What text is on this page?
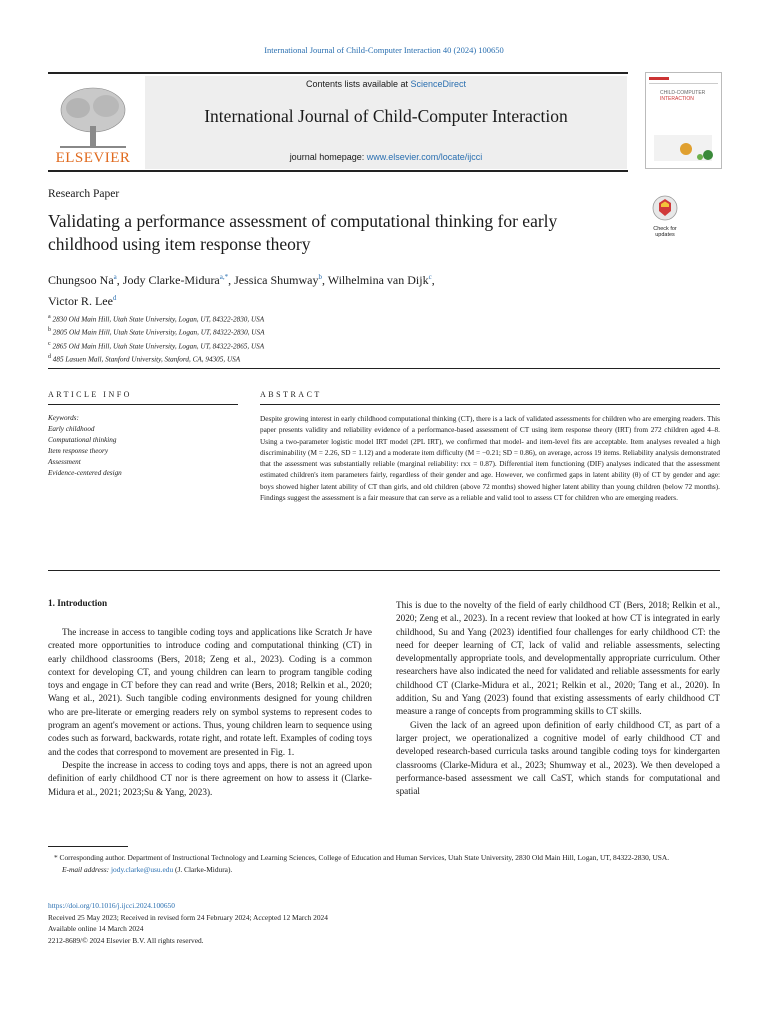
International Journal of Child-Computer Interaction 40 (2024) 100650
ELSEVIER
Contents lists available at ScienceDirect
International Journal of Child-Computer Interaction
journal homepage: www.elsevier.com/locate/ijcci
CHILD-COMPUTER
INTERACTION
Research Paper
Validating a performance assessment of computational thinking for early childhood using item response theory
Check for updates
Chungsoo Na$^a$, Jody Clarke-Midura$^{a,*}$, Jessica Shumway$^b$, Wilhelmina van Dijk$^c$,
Victor R. Lee$^d$
$^a$ 2830 Old Main Hill, Utah State University, Logan, UT, 84322-2830, USA
$^b$ 2805 Old Main Hill, Utah State University, Logan, UT, 84322-2830, USA
$^c$ 2865 Old Main Hill, Utah State University, Logan, UT, 84322-2865, USA
$^d$ 485 Lasuen Mall, Stanford University, Stanford, CA, 94305, USA
ARTICLE INFO	ABSTRACT
Keywords:
Early childhood
Computational thinking
Item response theory
Assessment
Evidence-centered design
Despite growing interest in early childhood computational thinking (CT), there is a lack of validated assessments for children who are emerging readers. This paper presents validity and reliability evidence of a performance-based assessment of CT using item response theory (IRT) from 272 children aged 4–8. Using a two-parameter logistic model IRT model (2PL IRT), we confirmed that model- and item-level fits are acceptable. Item analyses revealed a high discriminability (M = 2.26, SD = 1.12) and a moderate item difficulty (M = −0.21; SD = 0.86), on average, across 19 items. Reliability analysis demonstrated that the assessment was substantially reliable (marginal reliability: rxx = 0.87). Differential item functioning (DIF) analyses indicated that the assessment estimated children's item parameters fairly, regardless of their gender and age. However, we confirmed gaps in latent ability (θ) of CT by gender and age: boys showed higher latent ability of CT than girls, and old children (above 72 months) showed higher latent ability than young children (below 72 months). Findings suggest the assessment is a fair measure that can serve as a reliable and valid tool to assess CT for children who are emerging readers.
1. Introduction

The increase in access to tangible coding toys and applications like Scratch Jr have created more opportunities to introduce coding and computational thinking (CT) in early childhood classrooms (Bers, 2018; Zeng et al., 2023). Coding is a common context for developing CT, and young children can learn to program tangible coding toys and engage in CT before they can read and write (Bers, 2018; Relkin et al., 2020; Wang et al., 2021). Such tangible coding environments designed for young children who are pre-literate or emerging readers rely on symbol systems to represent codes to program an agent's movement or actions. Thus, young children learn to sequence using codes such as forward, backwards, rotate right, and rotate left. Examples of coding toys and the codes that correspond to movement are presented in Fig. 1.

Despite the increase in access to coding toys and apps, there is not an agreed upon definition of early childhood CT nor is there agreement on how to assess it (Clarke-Midura et al., 2021; 2023;Su & Yang, 2023).

This is due to the novelty of the field of early childhood CT (Bers, 2018; Relkin et al., 2020; Zeng et al., 2023). In a recent review that looked at how CT is integrated in early childhood, Su and Yang (2023) identified four challenges for early childhood CT: the need for deeper learning of CT, lack of valid and reliable assessments, selecting developmentally appropriate tools, and developmentally appropriate curriculum. Other researchers have also indicated the need for validated and reliable assessments for early childhood CT (Clarke-Midura et al., 2021; Relkin et al., 2020; Tang et al., 2020). In addition, Su and Yang (2023) found that existing assessments of early childhood CT measure a range of concepts from programming skills to CT skills.

Given the lack of an agreed upon definition of early childhood CT, as part of a larger project, we operationalized a cognitive model of early childhood CT and developed research-based curricula tasks around tangible coding toys for kindergarten classrooms (Clarke-Midura et al., 2023; Shumway et al., 2023). We then developed a performance-based assessment we call CaST, which stands for computational and spatial

* Corresponding author. Department of Instructional Technology and Learning Sciences, College of Education and Human Services, Utah State University, 2830 Old Main Hill, Logan, UT, 84322-2830, USA.
E-mail address: jody.clarke@usu.edu (J. Clarke-Midura).
https://doi.org/10.1016/j.ijcci.2024.100650
Received 25 May 2023; Received in revised form 24 February 2024; Accepted 12 March 2024
Available online 14 March 2024
2212-8689/© 2024 Elsevier B.V. All rights reserved.
